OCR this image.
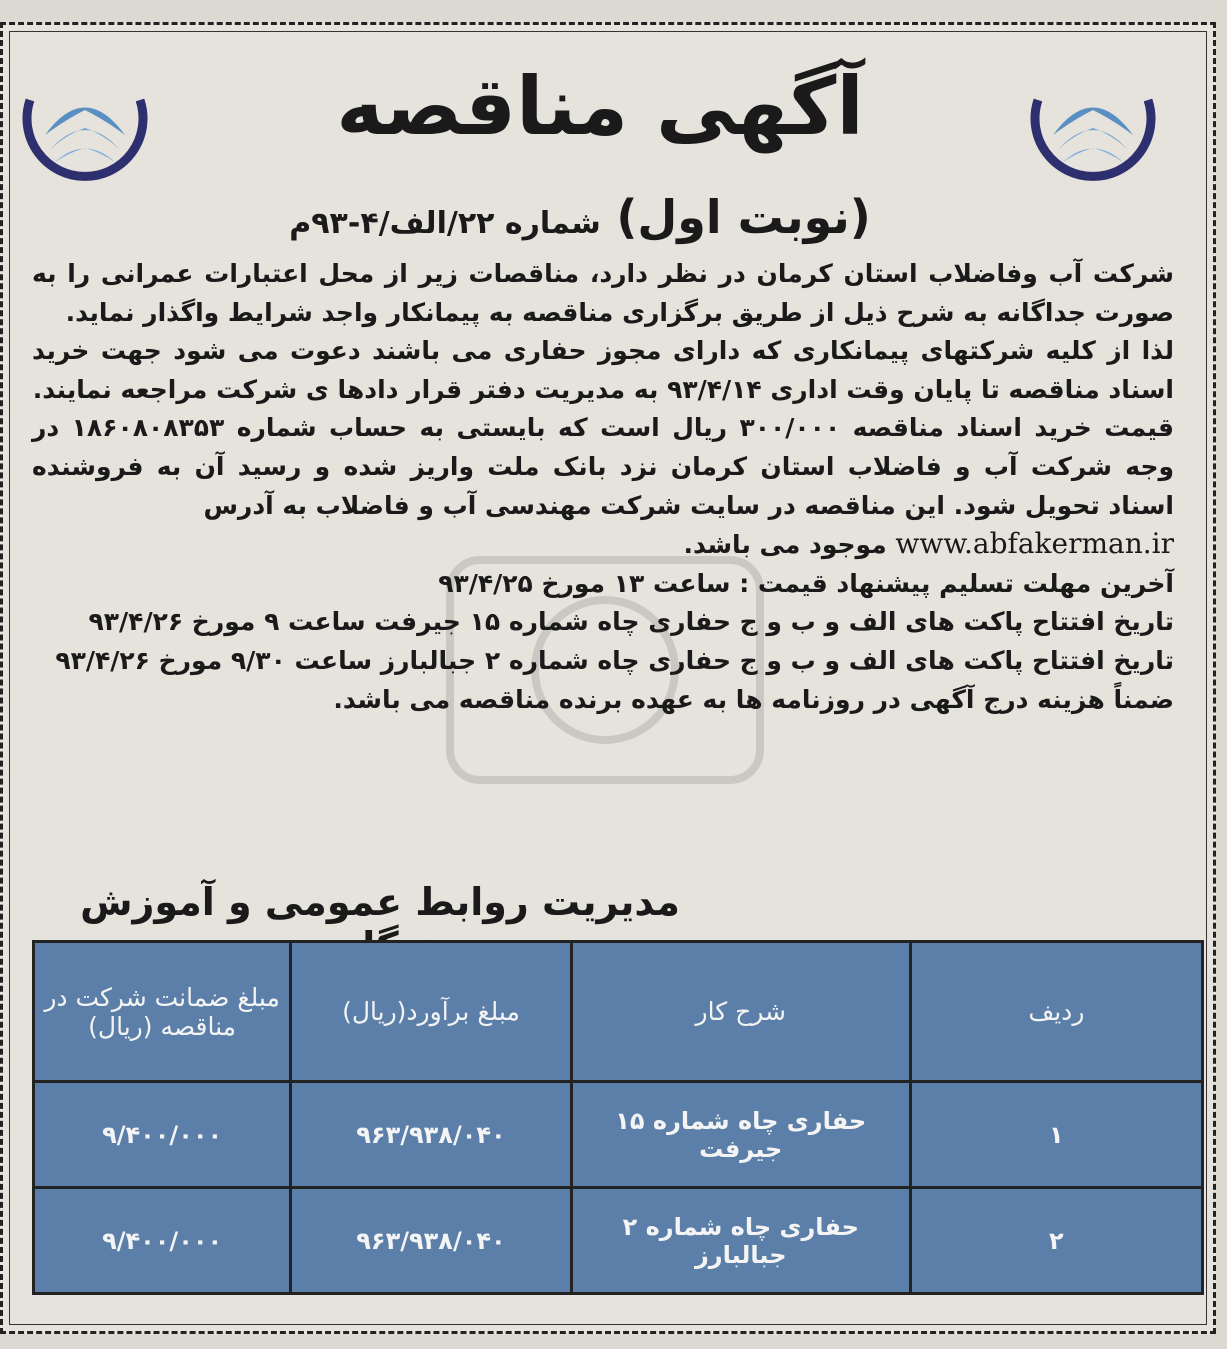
آگهی مناقصه
(نوبت اول) شماره ۲۲/الف/۴-۹۳م

شرکت آب وفاضلاب استان کرمان در نظر دارد، مناقصات زیر از محل اعتبارات عمرانی را به صورت جداگانه به شرح ذیل از طریق برگزاری مناقصه به پیمانکار واجد شرایط واگذار نماید.

لذا از کلیه شرکتهای پیمانکاری که دارای مجوز حفاری می باشند دعوت می شود جهت خرید اسناد مناقصه تا پایان وقت اداری ۹۳/۴/۱۴ به مدیریت دفتر قرار دادها ی شرکت مراجعه نمایند.

قیمت خرید اسناد مناقصه ۳۰۰/۰۰۰ ریال است که بایستی به حساب شماره ۱۸۶۰۸۰۸۳۵۳ در وجه شرکت آب و فاضلاب استان کرمان نزد بانک ملت واریز شده و رسید آن به فروشنده اسناد تحویل شود. این مناقصه در سایت شرکت مهندسی آب و فاضلاب به آدرس
www.abfakerman.ir موجود می باشد.

آخرین مهلت تسلیم پیشنهاد قیمت : ساعت ۱۳ مورخ ۹۳/۴/۲۵

تاریخ افتتاح پاکت های الف و ب و ج حفاری چاه شماره ۱۵ جیرفت ساعت ۹ مورخ ۹۳/۴/۲۶

تاریخ افتتاح پاکت های الف و ب و ج حفاری چاه شماره ۲ جبالبارز ساعت ۹/۳۰ مورخ ۹۳/۴/۲۶

ضمناً هزینه درج آگهی در روزنامه ها به عهده برنده مناقصه می باشد.

مدیریت روابط عمومی و آموزش
ردیف	شرح کار	مبلغ برآورد(ریال)	مبلغ ضمانت شرکت در مناقصه (ریال)
۱	حفاری چاه شماره ۱۵ جیرفت	۹۶۳/۹۳۸/۰۴۰	۹/۴۰۰/۰۰۰
۲	حفاری چاه شماره ۲ جبالبارز	۹۶۳/۹۳۸/۰۴۰	۹/۴۰۰/۰۰۰
